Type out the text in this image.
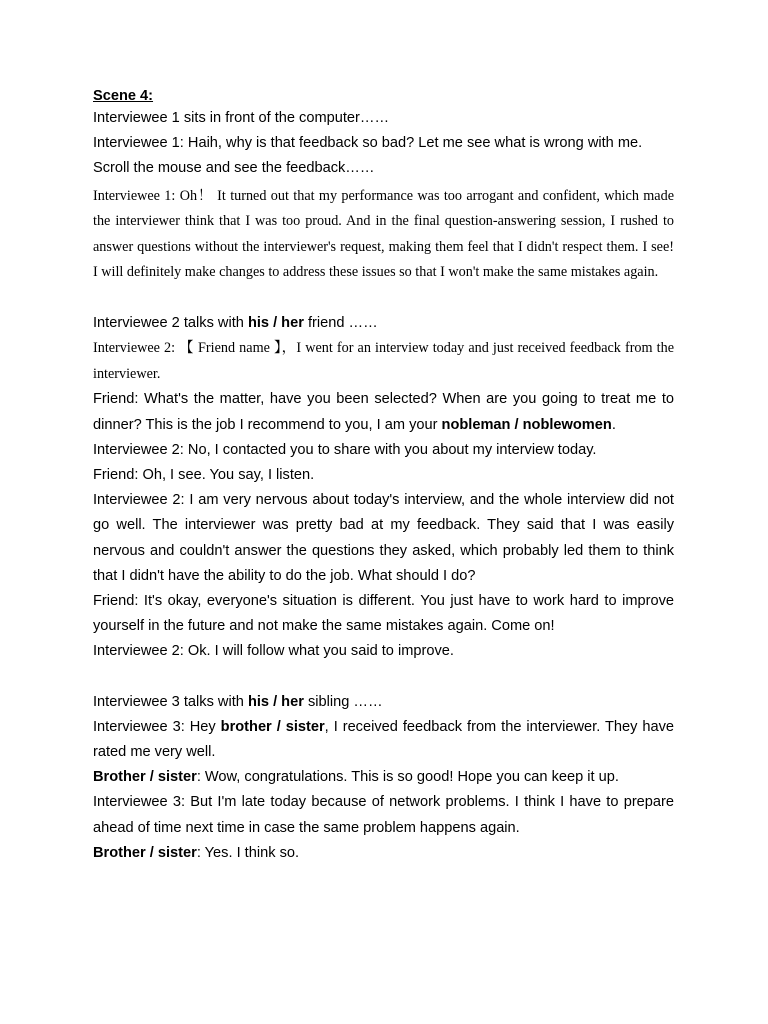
Scene 4:

Interviewee 1 sits in front of the computer……

Interviewee 1: Haih, why is that feedback so bad? Let me see what is wrong with me.

Scroll the mouse and see the feedback……

Interviewee 1: Oh！ It turned out that my performance was too arrogant and confident, which made the interviewer think that I was too proud. And in the final question-answering session, I rushed to answer questions without the interviewer's request, making them feel that I didn't respect them. I see! I will definitely make changes to address these issues so that I won't make the same mistakes again.

Interviewee 2 talks with his / her friend ……

Interviewee 2: 【 Friend name 】，I went for an interview today and just received feedback from the interviewer.

Friend: What's the matter, have you been selected? When are you going to treat me to dinner? This is the job I recommend to you, I am your nobleman / noblewomen.

Interviewee 2: No, I contacted you to share with you about my interview today.

Friend: Oh, I see. You say, I listen.

Interviewee 2: I am very nervous about today's interview, and the whole interview did not go well. The interviewer was pretty bad at my feedback. They said that I was easily nervous and couldn't answer the questions they asked, which probably led them to think that I didn't have the ability to do the job. What should I do?

Friend: It's okay, everyone's situation is different. You just have to work hard to improve yourself in the future and not make the same mistakes again. Come on!

Interviewee 2: Ok. I will follow what you said to improve.

Interviewee 3 talks with his / her sibling ……

Interviewee 3: Hey brother / sister, I received feedback from the interviewer. They have rated me very well.

Brother / sister: Wow, congratulations. This is so good! Hope you can keep it up.

Interviewee 3: But I'm late today because of network problems. I think I have to prepare ahead of time next time in case the same problem happens again.

Brother / sister: Yes. I think so.
